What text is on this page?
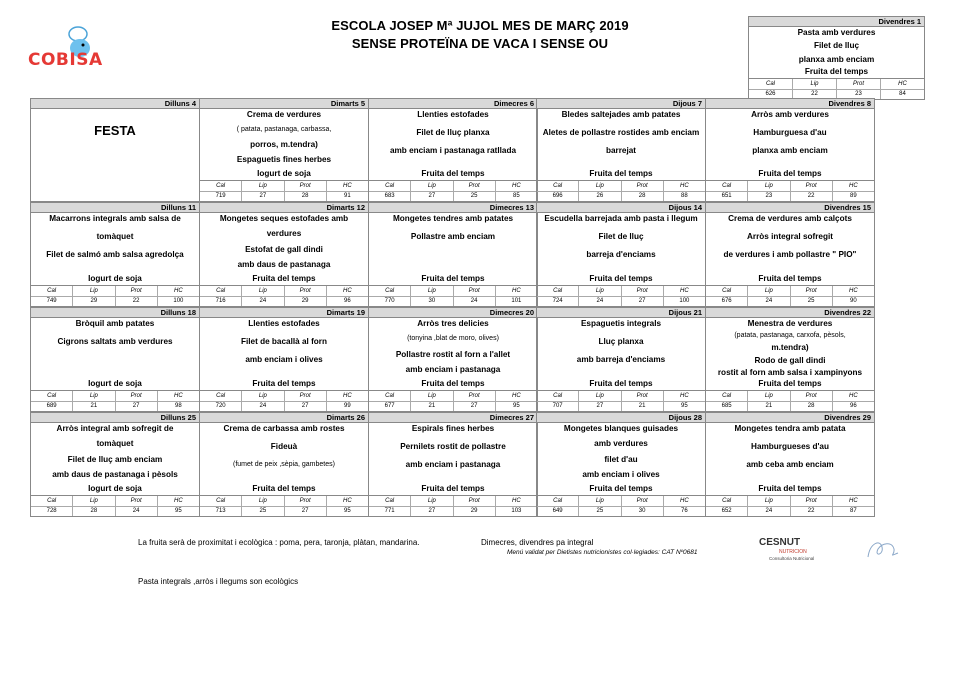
ESCOLA JOSEP Mª JUJOL MES DE MARÇ 2019
SENSE PROTEÏNA DE VACA I SENSE OU
COBISA
Divendres 1
Pasta amb verdures
Filet de lluç
planxa amb enciam
Fruita del temps
Cal	Lip	Prot	HC
626	22	23	84
Dilluns 4
FESTA
Dimarts 5
Crema de verdures
( patata, pastanaga, carbassa,
porros, m.tendra)
Espaguetis fines herbes
Iogurt de soja
Cal	Lip	Prot	HC
719	27	28	91
Dimecres 6
Llenties estofades
Filet de lluç planxa
amb enciam i pastanaga ratllada
Fruita del temps
Cal	Lip	Prot	HC
683	27	25	85
Dijous 7
Bledes saltejades amb patates
Aletes de pollastre rostides amb enciam
barrejat
Fruita del temps
Cal	Lip	Prot	HC
696	26	28	88
Divendres 8
Arròs amb verdures
Hamburguesa d'au
planxa amb enciam
Fruita del temps
Cal	Lip	Prot	HC
651	23	22	89
Dilluns 11
Macarrons integrals amb salsa de
tomàquet
Filet de salmó amb salsa agredolça
Iogurt de soja
Cal	Lip	Prot	HC
749	29	22	100
Dimarts 12
Mongetes seques estofades amb
verdures
Estofat de gall dindi
amb daus de pastanaga
Fruita del temps
Cal	Lip	Prot	HC
716	24	29	96
Dimecres 13
Mongetes tendres amb patates
Pollastre amb enciam
Fruita del temps
Cal	Lip	Prot	HC
770	30	24	101
Dijous 14
Escudella barrejada amb pasta i llegum
Filet de lluç
barreja d'enciams
Fruita del temps
Cal	Lip	Prot	HC
724	24	27	100
Divendres 15
Crema de verdures amb calçots
Arròs integral sofregit
de verdures i amb pollastre " PIO"
Fruita del temps
Cal	Lip	Prot	HC
676	24	25	90
Dilluns 18
Bròquil amb patates
Cigrons saltats amb verdures
Iogurt de soja
Cal	Lip	Prot	HC
689	21	27	98
Dimarts 19
Llenties estofades
Filet de bacallà al forn
amb enciam i olives
Fruita del temps
Cal	Lip	Prot	HC
720	24	27	99
Dimecres 20
Arròs tres delicies
(tonyina ,blat de moro, olives)
Pollastre rostit al forn a l'allet
amb enciam i pastanaga
Fruita del temps
Cal	Lip	Prot	HC
677	21	27	95
Dijous 21
Espaguetis integrals
Lluç planxa
amb barreja d'enciams
Fruita del temps
Cal	Lip	Prot	HC
707	27	21	95
Divendres 22
Menestra de verdures
(patata, pastanaga, carxofa, pèsols,
m.tendra)
Rodo de gall dindi
rostit al forn amb salsa i xampinyons
Fruita del temps
Cal	Lip	Prot	HC
685	21	28	96
Dilluns 25
Arròs integral amb sofregit de
tomàquet
Filet de lluç amb enciam
amb daus de pastanaga i pèsols
Iogurt de soja
Cal	Lip	Prot	HC
728	28	24	95
Dimarts 26
Crema de carbassa amb rostes
Fideuà
(fumet de peix ,sèpia, gambetes)
Fruita del temps
Cal	Lip	Prot	HC
713	25	27	95
Dimecres 27
Espirals fines herbes
Pernilets rostit de pollastre
amb enciam i pastanaga
Fruita del temps
Cal	Lip	Prot	HC
771	27	29	103
Dijous 28
Mongetes blanques guisades
amb verdures
filet d'au
amb enciam i olives
Fruita del temps
Cal	Lip	Prot	HC
649	25	30	76
Divendres 29
Mongetes tendra amb patata
Hamburgueses d'au
amb ceba amb enciam
Fruita del temps
Cal	Lip	Prot	HC
652	24	22	87
La fruita serà de proximitat i ecològica : poma, pera, taronja, plàtan, mandarina.	Dimecres, divendres pa integral
Menú validat per Dietistes nutricionistes col·legiades: CAT Nº0681
Pasta integrals ,arròs i llegums son ecològics
CESNUT
NUTRICION
Consultoria Nutricional
